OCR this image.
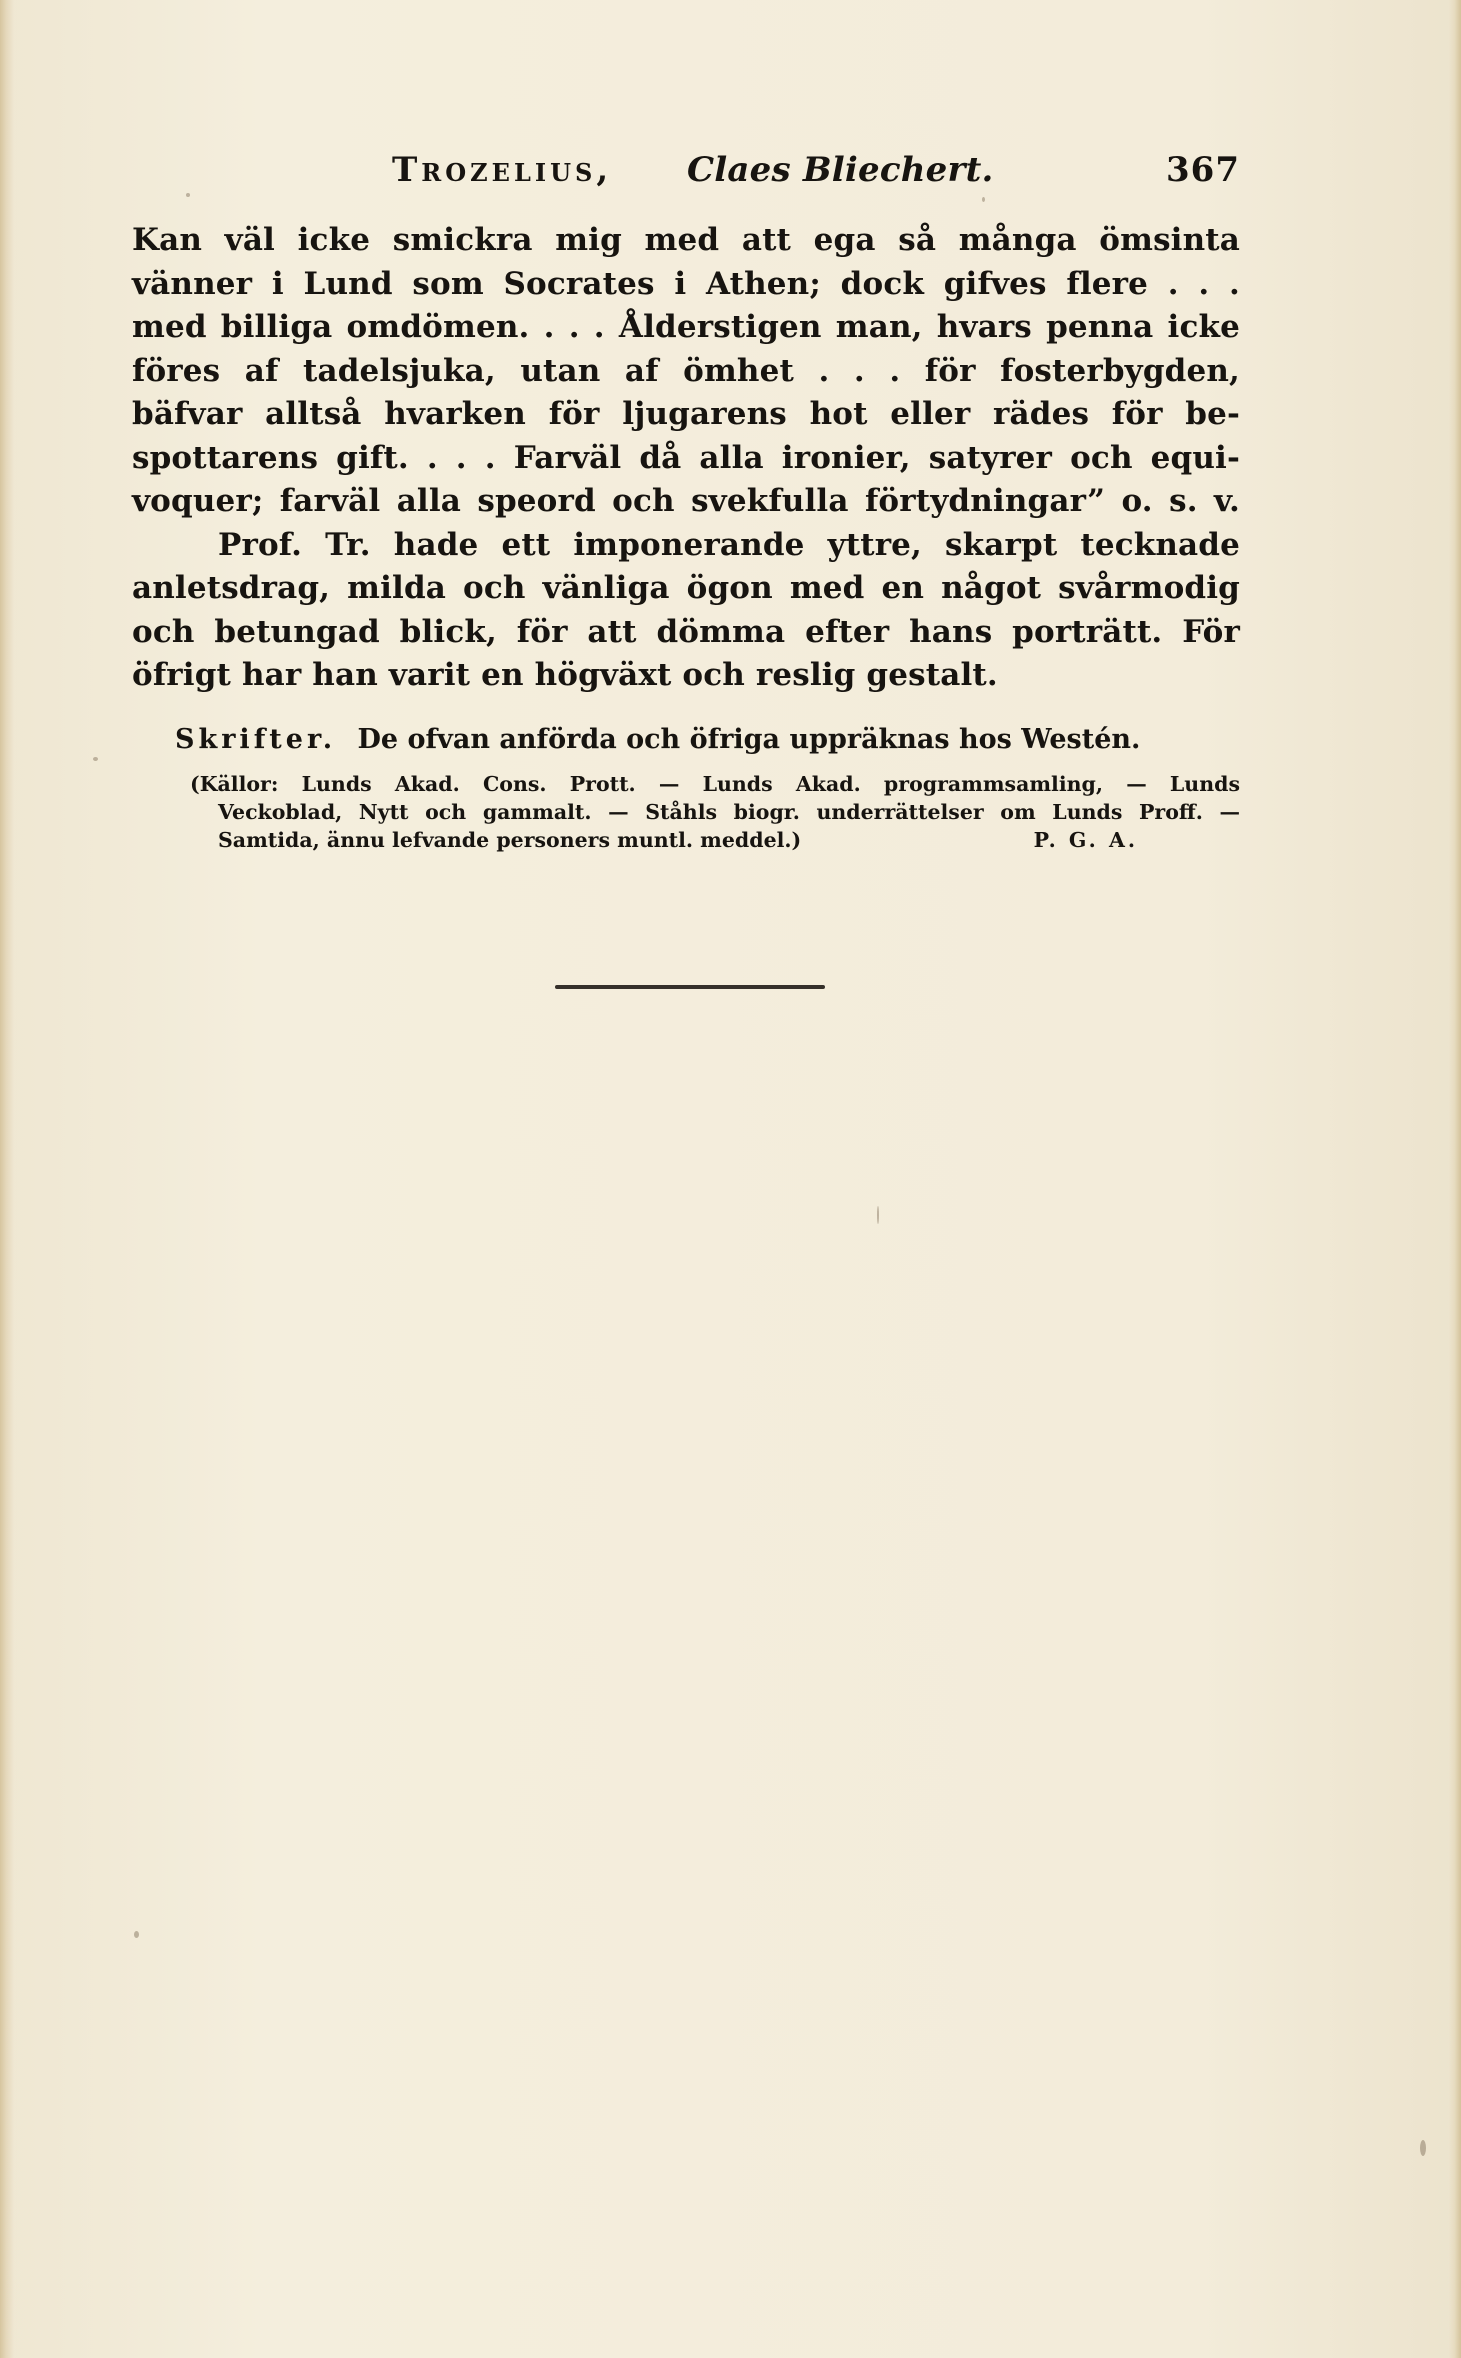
Trozelius, Claes Bliechert.	367
Kan väl icke smickra mig med att ega så många ömsinta
vänner i Lund som Socrates i Athen; dock gifves flere . . .
med billiga omdömen. . . . Ålderstigen man, hvars penna icke
föres af tadelsjuka, utan af ömhet . . . för fosterbygden,
bäfvar alltså hvarken för ljugarens hot eller rädes för be-
spottarens gift. . . . Farväl då alla ironier, satyrer och equi-
voquer; farväl alla speord och svekfulla förtydningar” o. s. v.
Prof. Tr. hade ett imponerande yttre, skarpt tecknade
anletsdrag, milda och vänliga ögon med en något svårmodig
och betungad blick, för att dömma efter hans porträtt. För
öfrigt har han varit en högväxt och reslig gestalt.
Skrifter. De ofvan anförda och öfriga uppräknas hos Westén.
(Källor: Lunds Akad. Cons. Prott. — Lunds Akad. programmsamling, — Lunds
Veckoblad, Nytt och gammalt. — Ståhls biogr. underrättelser om Lunds Proff. —
Samtida, ännu lefvande personers muntl. meddel.)	P. G. A.
